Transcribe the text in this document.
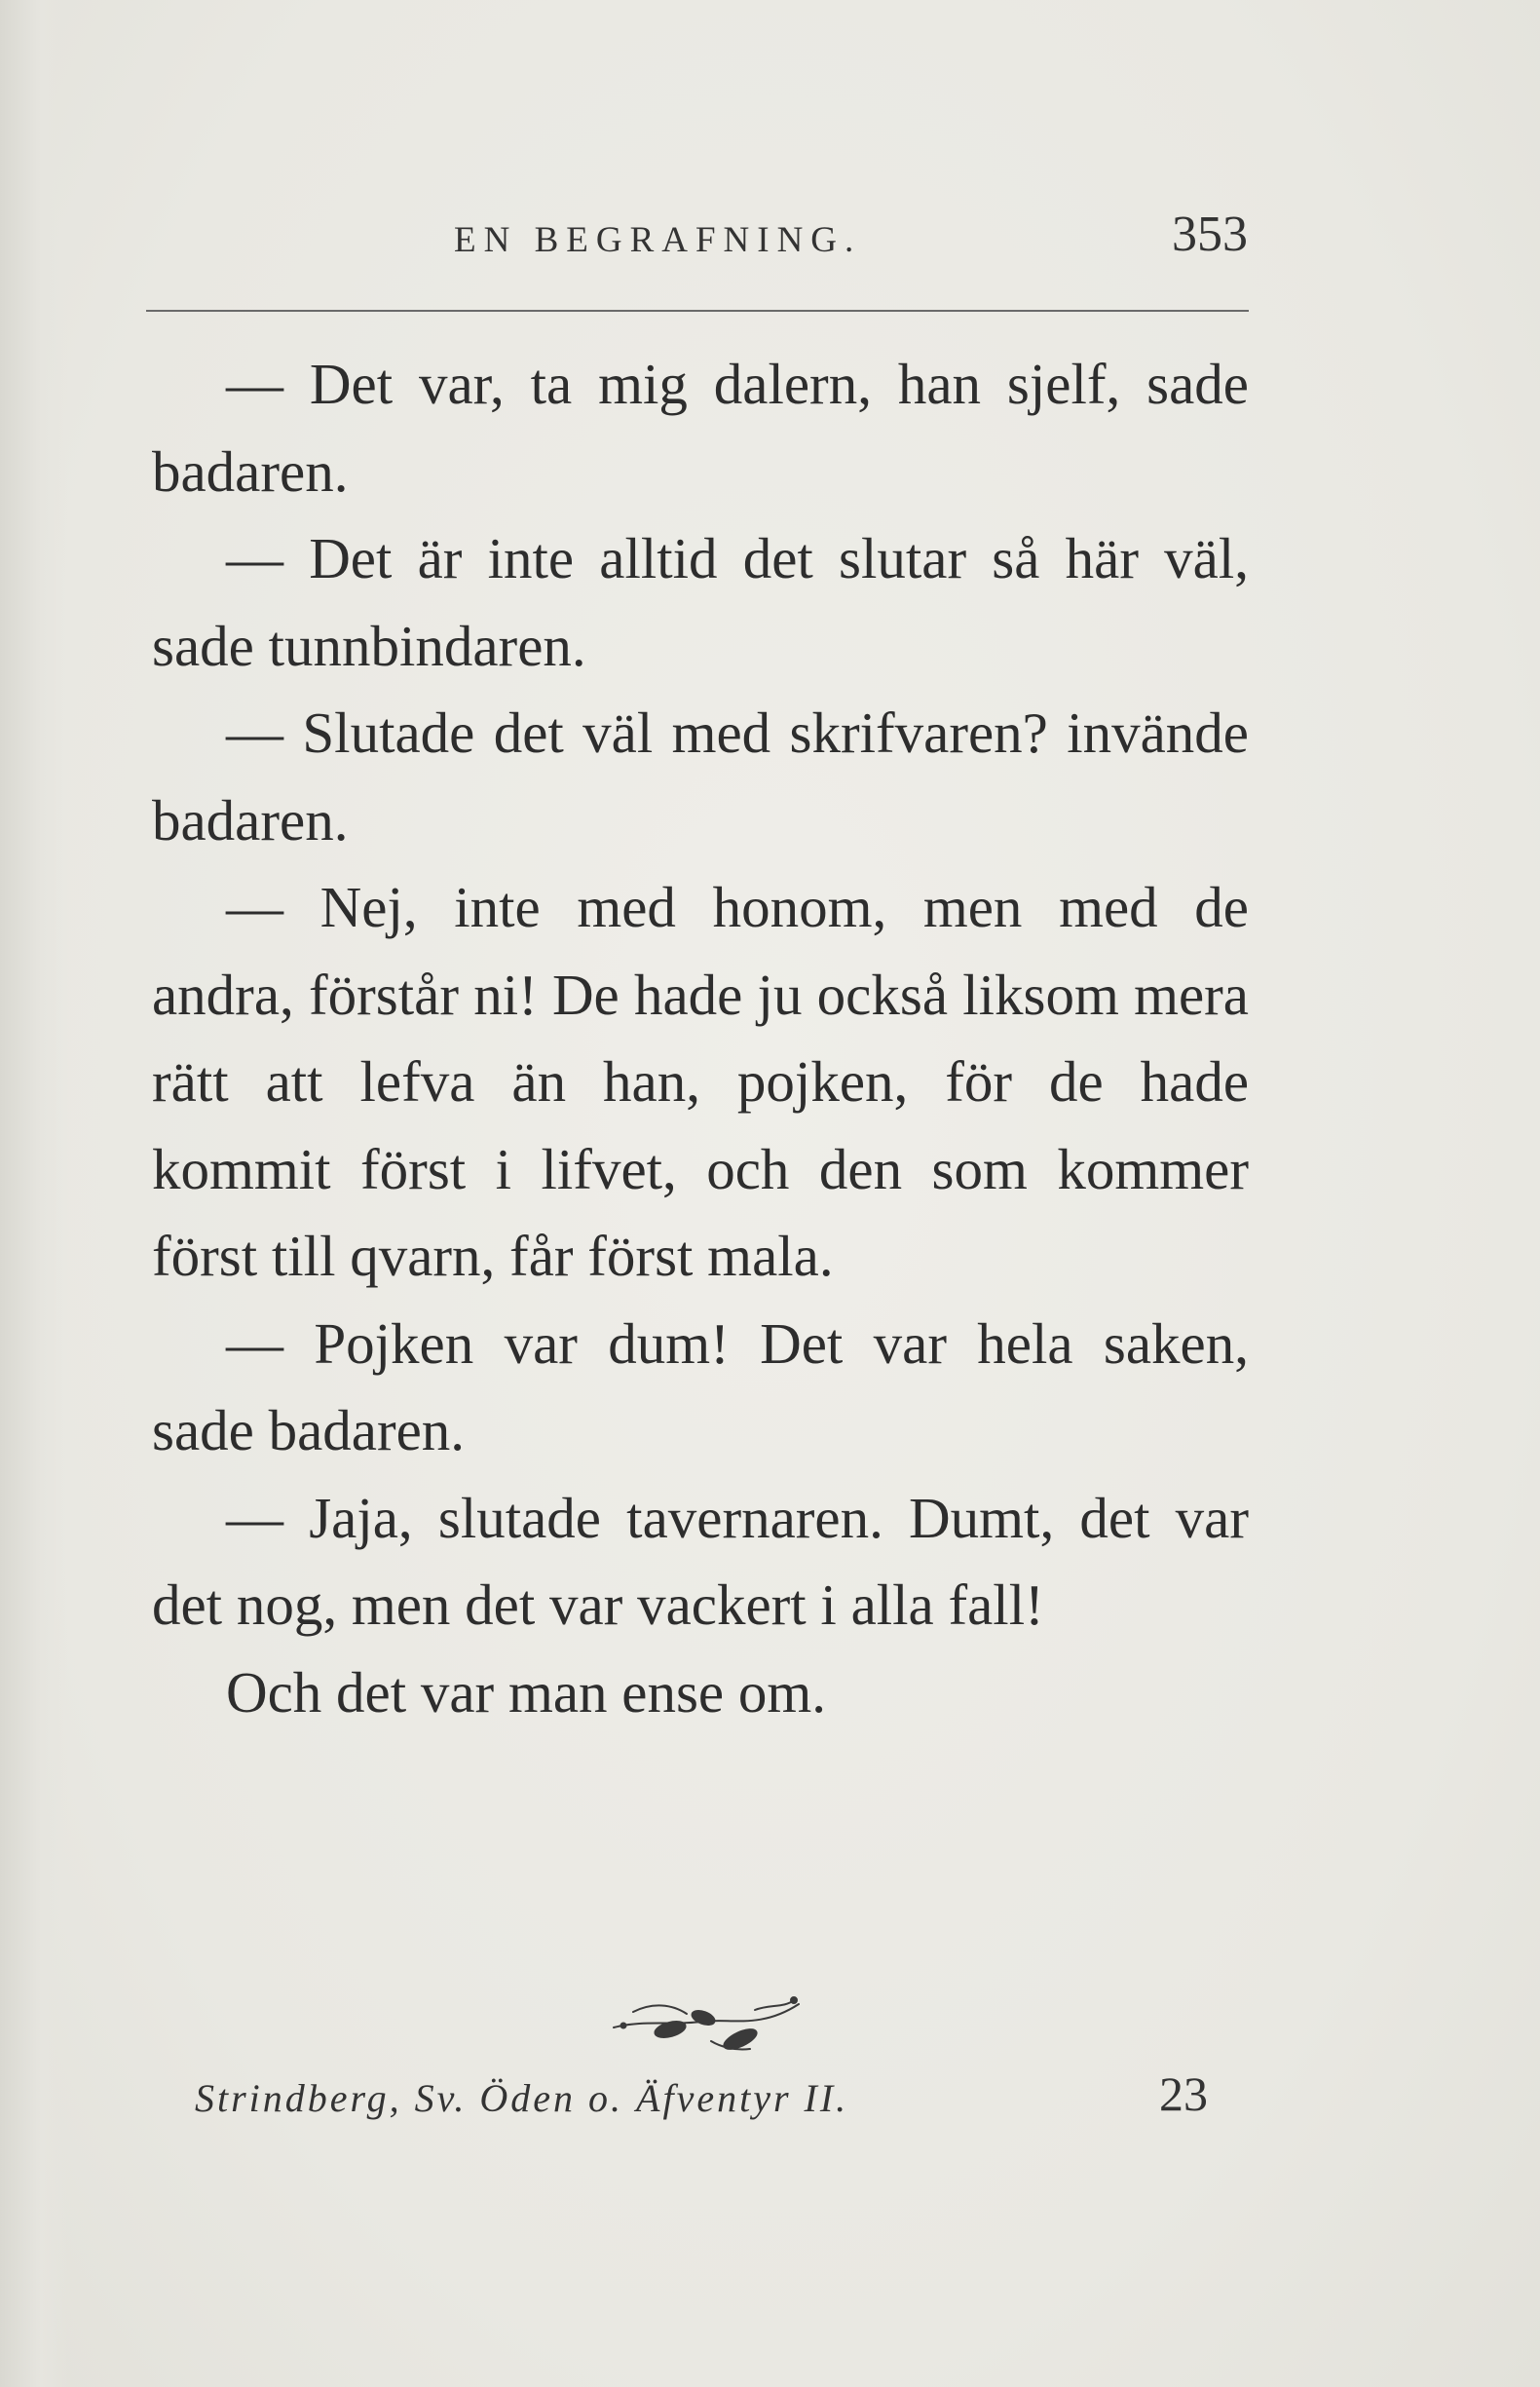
EN BEGRAFNING.	353

— Det var, ta mig dalern, han sjelf, sade badaren.

— Det är inte alltid det slutar så här väl, sade tunnbindaren.

— Slutade det väl med skrifvaren? invände badaren.

— Nej, inte med honom, men med de andra, förstår ni! De hade ju också liksom mera rätt att lefva än han, pojken, för de hade kommit först i lifvet, och den som kommer först till qvarn, får först mala.

— Pojken var dum! Det var hela saken, sade badaren.

— Jaja, slutade tavernaren. Dumt, det var det nog, men det var vackert i alla fall!

Och det var man ense om.

Strindberg, Sv. Öden o. Äfventyr II.	23
